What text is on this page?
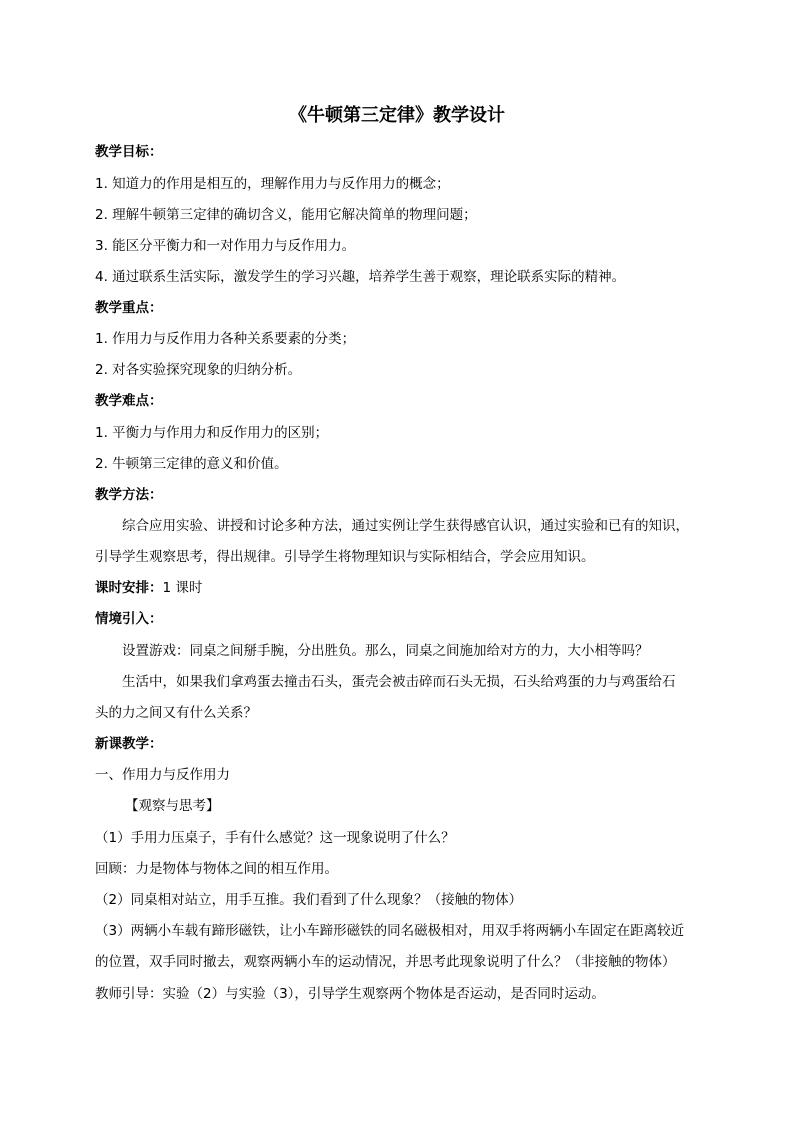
《牛顿第三定律》教学设计
教学目标：
1. 知道力的作用是相互的，理解作用力与反作用力的概念；
2. 理解牛顿第三定律的确切含义，能用它解决简单的物理问题；
3. 能区分平衡力和一对作用力与反作用力。
4. 通过联系生活实际，激发学生的学习兴趣，培养学生善于观察，理论联系实际的精神。
教学重点：
1. 作用力与反作用力各种关系要素的分类；
2. 对各实验探究现象的归纳分析。
教学难点：
1. 平衡力与作用力和反作用力的区别；
2. 牛顿第三定律的意义和价值。
教学方法：
综合应用实验、讲授和讨论多种方法，通过实例让学生获得感官认识，通过实验和已有的知识，
引导学生观察思考，得出规律。引导学生将物理知识与实际相结合，学会应用知识。
课时安排：1 课时
情境引入：
设置游戏：同桌之间掰手腕，分出胜负。那么，同桌之间施加给对方的力，大小相等吗？
生活中，如果我们拿鸡蛋去撞击石头，蛋壳会被击碎而石头无损，石头给鸡蛋的力与鸡蛋给石
头的力之间又有什么关系？
新课教学：
一、作用力与反作用力
【观察与思考】
（1）手用力压桌子，手有什么感觉？这一现象说明了什么？
回顾：力是物体与物体之间的相互作用。
（2）同桌相对站立，用手互推。我们看到了什么现象？（接触的物体）
（3）两辆小车载有蹄形磁铁，让小车蹄形磁铁的同名磁极相对，用双手将两辆小车固定在距离较近
的位置，双手同时撤去，观察两辆小车的运动情况，并思考此现象说明了什么？（非接触的物体）
教师引导：实验（2）与实验（3），引导学生观察两个物体是否运动，是否同时运动。
